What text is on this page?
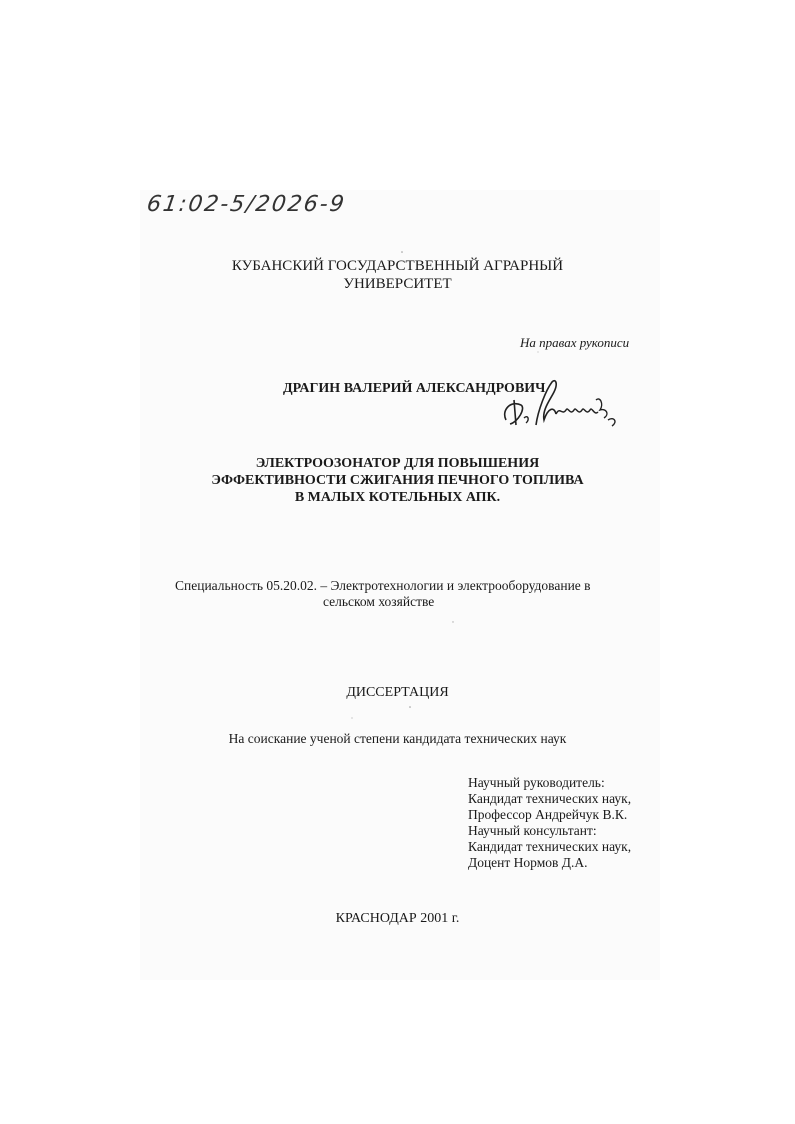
61:02-5/2026-9
КУБАНСКИЙ ГОСУДАРСТВЕННЫЙ АГРАРНЫЙ
УНИВЕРСИТЕТ
На правах рукописи
ДРАГИН ВАЛЕРИЙ АЛЕКСАНДРОВИЧ
ЭЛЕКТРООЗОНАТОР ДЛЯ ПОВЫШЕНИЯ
ЭФФЕКТИВНОСТИ СЖИГАНИЯ ПЕЧНОГО ТОПЛИВА
В МАЛЫХ КОТЕЛЬНЫХ АПК.
Специальность 05.20.02. – Электротехнологии и электрооборудование в
сельском хозяйстве
ДИССЕРТАЦИЯ
На соискание ученой степени кандидата технических наук
Научный руководитель:
Кандидат технических наук,
Профессор Андрейчук В.К.
Научный консультант:
Кандидат технических наук,
Доцент Нормов Д.А.
КРАСНОДАР 2001 г.
